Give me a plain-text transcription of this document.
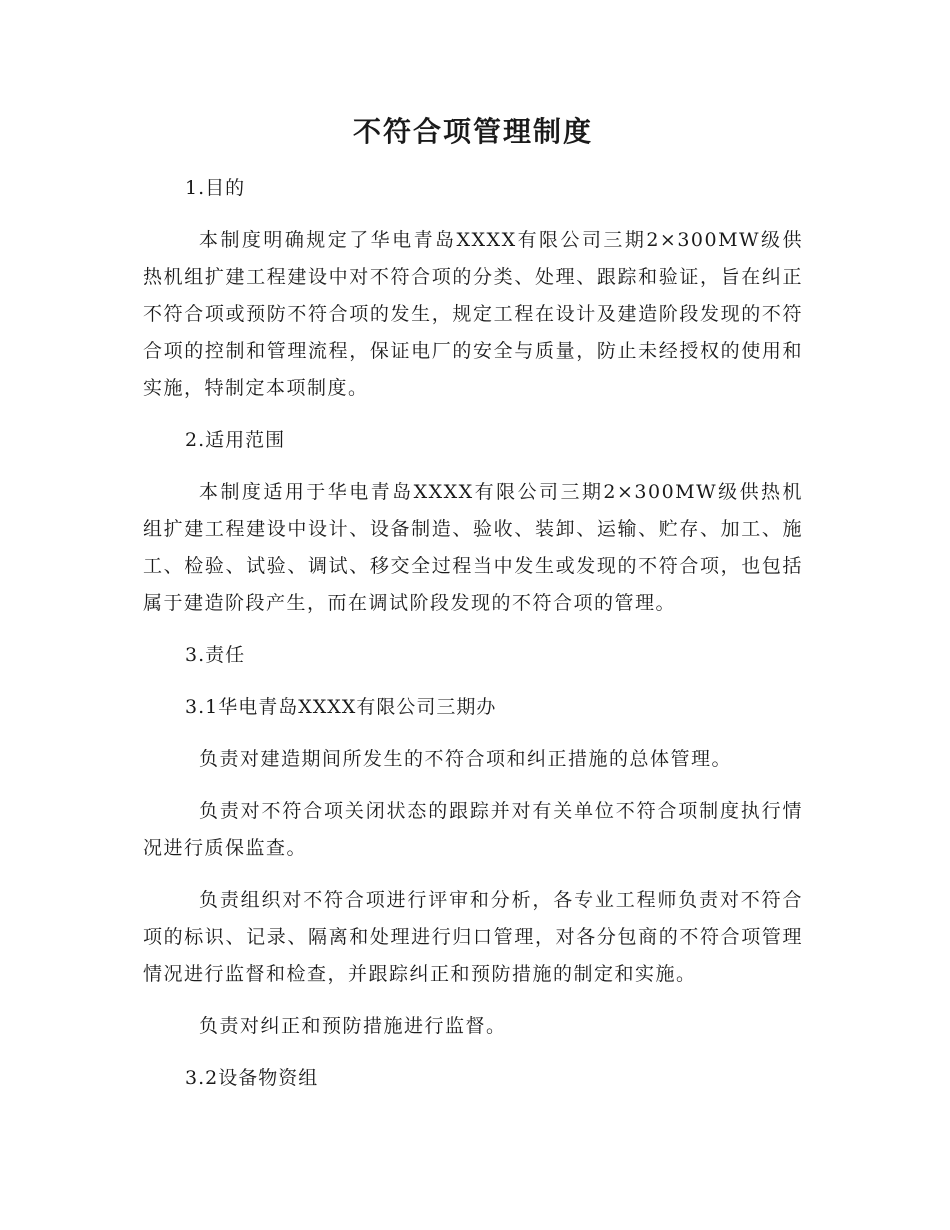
不符合项管理制度
1.目的

本制度明确规定了华电青岛XXXX有限公司三期2×300MW级供热机组扩建工程建设中对不符合项的分类、处理、跟踪和验证，旨在纠正不符合项或预防不符合项的发生，规定工程在设计及建造阶段发现的不符合项的控制和管理流程，保证电厂的安全与质量，防止未经授权的使用和实施，特制定本项制度。

2.适用范围

本制度适用于华电青岛XXXX有限公司三期2×300MW级供热机组扩建工程建设中设计、设备制造、验收、装卸、运输、贮存、加工、施工、检验、试验、调试、移交全过程当中发生或发现的不符合项，也包括属于建造阶段产生，而在调试阶段发现的不符合项的管理。

3.责任
3.1华电青岛XXXX有限公司三期办

负责对建造期间所发生的不符合项和纠正措施的总体管理。

负责对不符合项关闭状态的跟踪并对有关单位不符合项制度执行情况进行质保监查。

负责组织对不符合项进行评审和分析，各专业工程师负责对不符合项的标识、记录、隔离和处理进行归口管理，对各分包商的不符合项管理情况进行监督和检查，并跟踪纠正和预防措施的制定和实施。

负责对纠正和预防措施进行监督。

3.2设备物资组
